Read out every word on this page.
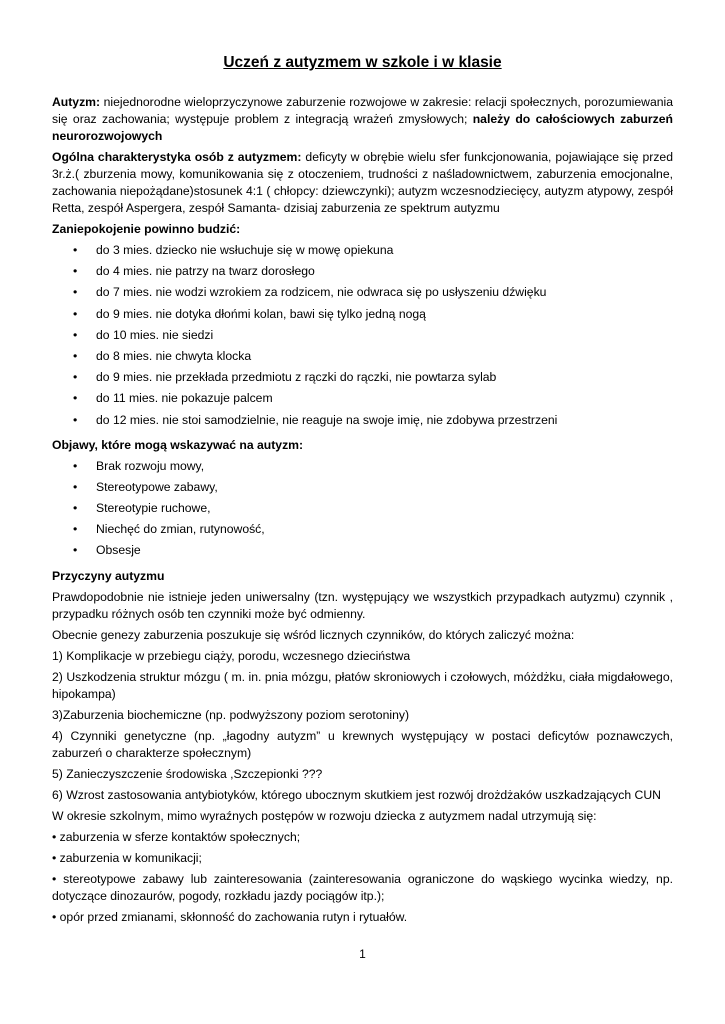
Uczeń z autyzmem w szkole i w klasie

Autyzm: niejednorodne wieloprzyczynowe zaburzenie rozwojowe w zakresie: relacji społecznych, porozumiewania się oraz zachowania; występuje problem z integracją wrażeń zmysłowych; należy do całościowych zaburzeń neurorozwojowych

Ogólna charakterystyka osób z autyzmem: deficyty w obrębie wielu sfer funkcjonowania, pojawiające się przed 3r.ż.( zburzenia mowy, komunikowania się z otoczeniem, trudności z naśladownictwem, zaburzenia emocjonalne, zachowania niepożądane)stosunek 4:1 ( chłopcy: dziewczynki); autyzm wczesnodziecięcy, autyzm atypowy, zespół Retta, zespół Aspergera, zespół Samanta- dzisiaj zaburzenia ze spektrum autyzmu

Zaniepokojenie powinno budzić:
• do 3 mies. dziecko nie wsłuchuje się w mowę opiekuna
• do 4 mies. nie patrzy na twarz dorosłego
• do 7 mies. nie wodzi wzrokiem za rodzicem, nie odwraca się po usłyszeniu dźwięku
• do 9 mies. nie dotyka dłońmi kolan, bawi się tylko jedną nogą
• do 10 mies. nie siedzi
• do 8 mies. nie chwyta klocka
• do 9 mies. nie przekłada przedmiotu z rączki do rączki, nie powtarza sylab
• do 11 mies. nie pokazuje palcem
• do 12 mies. nie stoi samodzielnie, nie reaguje na swoje imię, nie zdobywa przestrzeni
Objawy, które mogą wskazywać na autyzm:
• Brak rozwoju mowy,
• Stereotypowe zabawy,
• Stereotypie ruchowe,
• Niechęć do zmian, rutynowość,
• Obsesje
Przyczyny autyzmu

Prawdopodobnie nie istnieje jeden uniwersalny (tzn. występujący we wszystkich przypadkach autyzmu) czynnik , przypadku różnych osób ten czynniki może być odmienny.

Obecnie genezy zaburzenia poszukuje się wśród licznych czynników, do których zaliczyć można:

1) Komplikacje w przebiegu ciąży, porodu, wczesnego dzieciństwa

2) Uszkodzenia struktur mózgu ( m. in. pnia mózgu, płatów skroniowych i czołowych, móżdżku, ciała migdałowego, hipokampa)

3)Zaburzenia biochemiczne (np. podwyższony poziom serotoniny)

4) Czynniki genetyczne (np. „łagodny autyzm” u krewnych występujący w postaci deficytów poznawczych, zaburzeń o charakterze społecznym)

5) Zanieczyszczenie środowiska ,Szczepionki ???

6) Wzrost zastosowania antybiotyków, którego ubocznym skutkiem jest rozwój drożdżaków uszkadzających CUN

W okresie szkolnym, mimo wyraźnych postępów w rozwoju dziecka z autyzmem nadal utrzymują się:

• zaburzenia w sferze kontaktów społecznych;

• zaburzenia w komunikacji;

• stereotypowe zabawy lub zainteresowania (zainteresowania ograniczone do wąskiego wycinka wiedzy, np. dotyczące dinozaurów, pogody, rozkładu jazdy pociągów itp.);

• opór przed zmianami, skłonność do zachowania rutyn i rytuałów.

1
